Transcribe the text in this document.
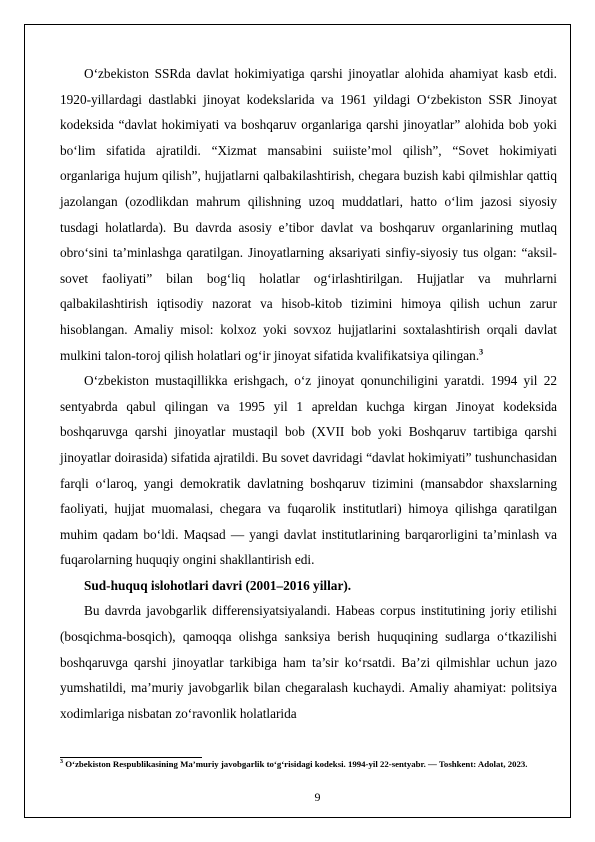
O‘zbekiston SSRda davlat hokimiyatiga qarshi jinoyatlar alohida ahamiyat kasb etdi. 1920-yillardagi dastlabki jinoyat kodekslarida va 1961 yildagi O‘zbekiston SSR Jinoyat kodeksida “davlat hokimiyati va boshqaruv organlariga qarshi jinoyatlar” alohida bob yoki bo‘lim sifatida ajratildi. “Xizmat mansabini suiiste’mol qilish”, “Sovet hokimiyati organlariga hujum qilish”, hujjatlarni qalbakilashtirish, chegara buzish kabi qilmishlar qattiq jazolangan (ozodlikdan mahrum qilishning uzoq muddatlari, hatto o‘lim jazosi siyosiy tusdagi holatlarda). Bu davrda asosiy e’tibor davlat va boshqaruv organlarining mutlaq obro‘sini ta’minlashga qaratilgan. Jinoyatlarning aksariyati sinfiy-siyosiy tus olgan: “aksil-sovet faoliyati” bilan bog‘liq holatlar og‘irlashtirilgan. Hujjatlar va muhrlarni qalbakilashtirish iqtisodiy nazorat va hisob-kitob tizimini himoya qilish uchun zarur hisoblangan. Amaliy misol: kolxoz yoki sovxoz hujjatlarini soxtalashtirish orqali davlat mulkini talon-toroj qilish holatlari og‘ir jinoyat sifatida kvalifikatsiya qilingan.$^3$

O‘zbekiston mustaqillikka erishgach, o‘z jinoyat qonunchiligini yaratdi. 1994 yil 22 sentyabrda qabul qilingan va 1995 yil 1 apreldan kuchga kirgan Jinoyat kodeksida boshqaruvga qarshi jinoyatlar mustaqil bob (XVII bob yoki Boshqaruv tartibiga qarshi jinoyatlar doirasida) sifatida ajratildi. Bu sovet davridagi “davlat hokimiyati” tushunchasidan farqli o‘laroq, yangi demokratik davlatning boshqaruv tizimini (mansabdor shaxslarning faoliyati, hujjat muomalasi, chegara va fuqarolik institutlari) himoya qilishga qaratilgan muhim qadam bo‘ldi. Maqsad — yangi davlat institutlarining barqarorligini ta’minlash va fuqarolarning huquqiy ongini shakllantirish edi.

Sud-huquq islohotlari davri (2001–2016 yillar).

Bu davrda javobgarlik differensiyatsiyalandi. Habeas corpus institutining joriy etilishi (bosqichma-bosqich), qamoqqa olishga sanksiya berish huquqining sudlarga o‘tkazilishi boshqaruvga qarshi jinoyatlar tarkibiga ham ta’sir ko‘rsatdi. Ba’zi qilmishlar uchun jazo yumshatildi, ma’muriy javobgarlik bilan chegaralash kuchaydi. Amaliy ahamiyat: politsiya xodimlariga nisbatan zo‘ravonlik holatlarida

$^3$ O‘zbekiston Respublikasining Ma’muriy javobgarlik to‘g‘risidagi kodeksi. 1994-yil 22-sentyabr. — Toshkent: Adolat, 2023.

9
